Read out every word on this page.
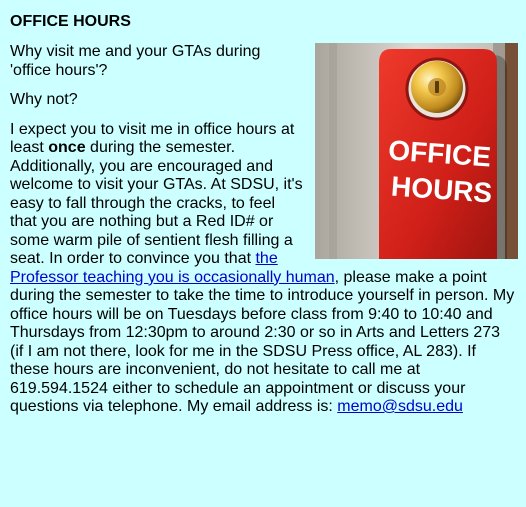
OFFICE HOURS
OFFICE
HOURS

Why visit me and your GTAs during 'office hours'?

Why not?

I expect you to visit me in office hours at least once during the semester. Additionally, you are encouraged and welcome to visit your GTAs. At SDSU, it's easy to fall through the cracks, to feel that you are nothing but a Red ID# or some warm pile of sentient flesh filling a seat. In order to convince you that the Professor teaching you is occasionally human, please make a point during the semester to take the time to introduce yourself in person. My office hours will be on Tuesdays before class from 9:40 to 10:40 and Thursdays from 12:30pm to around 2:30 or so in Arts and Letters 273 (if I am not there, look for me in the SDSU Press office, AL 283). If these hours are inconvenient, do not hesitate to call me at 619.594.1524 either to schedule an appointment or discuss your questions via telephone. My email address is: memo@sdsu.edu
